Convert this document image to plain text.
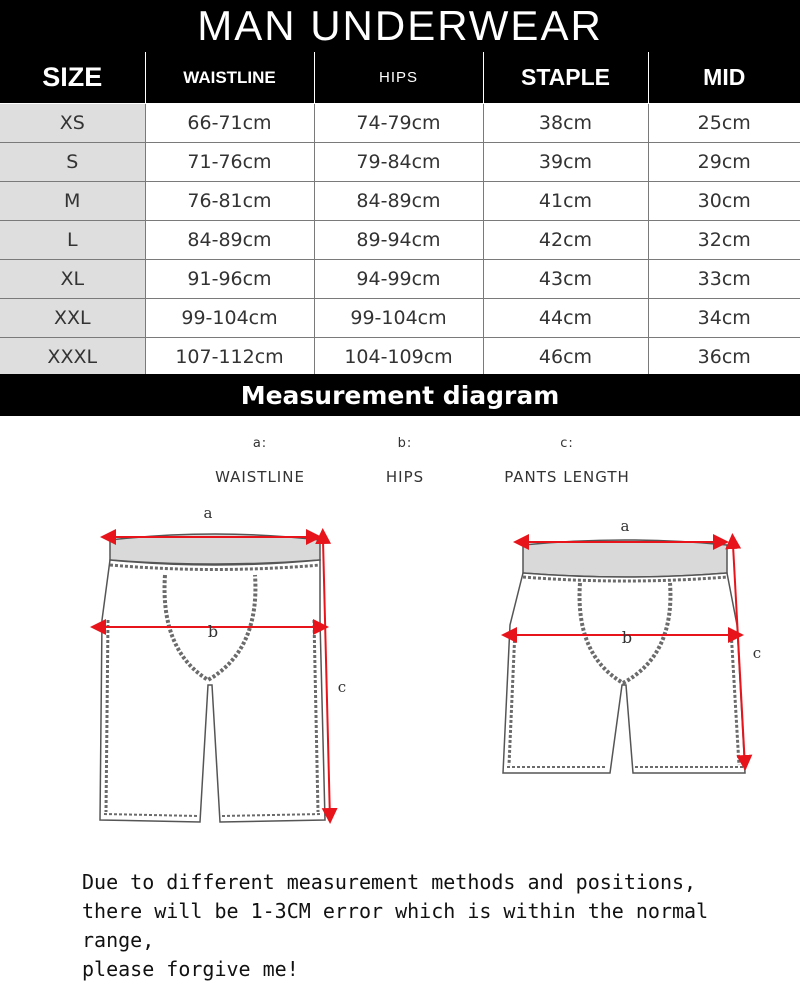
MAN UNDERWEAR
SIZE	WAISTLINE	HIPS	STAPLE	MID
XS	66-71cm	74-79cm	38cm	25cm
S	71-76cm	79-84cm	39cm	29cm
M	76-81cm	84-89cm	41cm	30cm
L	84-89cm	89-94cm	42cm	32cm
XL	91-96cm	94-99cm	43cm	33cm
XXL	99-104cm	99-104cm	44cm	34cm
XXXL	107-112cm	104-109cm	46cm	36cm
Measurement diagram
a:
WAISTLINE
b:
HIPS
c:
PANTS LENGTH
a
b
c
a
b
c
Due to different measurement methods and positions,
there will be 1-3CM error which is within the normal range,
please forgive me!
